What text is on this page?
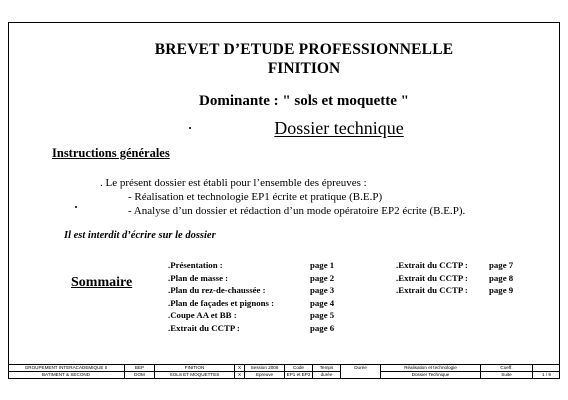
BREVET D’ETUDE PROFESSIONNELLE
FINITION
Dominante : " sols et moquette "
Dossier technique
Instructions générales
. Le présent dossier est établi pour l’ensemble des épreuves :
- Réalisation et technologie EP1 écrite et pratique (B.E.P)
- Analyse d’un dossier et rédaction d’un mode opératoire EP2 écrite (B.E.P).
Il est interdit d’écrire sur le dossier
Sommaire
.Présentation :
.Plan de masse :
.Plan du rez-de-chaussée :
.Plan de façades et pignons :
.Coupe AA et BB :
.Extrait du CCTP :
page 1
page 2
page 3
page 4
page 5
page 6
.Extrait du CCTP :
.Extrait du CCTP :
.Extrait du CCTP :
page 7
page 8
page 9
GROUPEMENT INTERACADEMIQUE II
BATIMENT & SECOND
BEP
DOM
FINITION
SOLS ET MOQUETTES
X
X
Session 2006
Epreuve
Code
EP1 et EP2
Temps
durée
Durée	Réalisation et technologie
Dossier Technique
Coeff.
Suite	1 / 9
